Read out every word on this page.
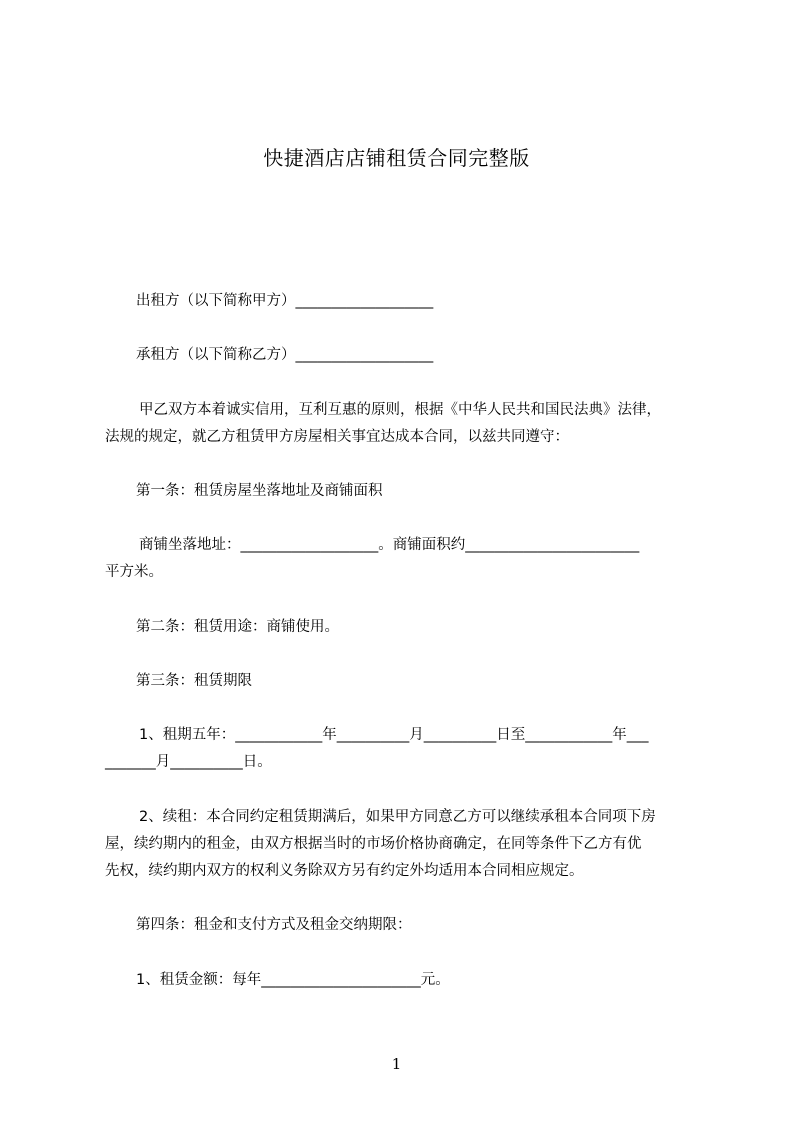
快捷酒店店铺租赁合同完整版
出租方（以下简称甲方）___________________
承租方（以下简称乙方）___________________
甲乙双方本着诚实信用，互利互惠的原则，根据《中华人民共和国民法典》法律，
法规的规定，就乙方租赁甲方房屋相关事宜达成本合同，以兹共同遵守：
第一条：租赁房屋坐落地址及商铺面积
商铺坐落地址：___________________。商铺面积约________________________
平方米。
第二条：租赁用途：商铺使用。
第三条：租赁期限
1、租期五年：____________年__________月__________日至____________年___
_______月__________日。
2、续租：本合同约定租赁期满后，如果甲方同意乙方可以继续承租本合同项下房
屋，续约期内的租金，由双方根据当时的市场价格协商确定，在同等条件下乙方有优
先权，续约期内双方的权利义务除双方另有约定外均适用本合同相应规定。
第四条：租金和支付方式及租金交纳期限：
1、租赁金额：每年______________________元。
1
